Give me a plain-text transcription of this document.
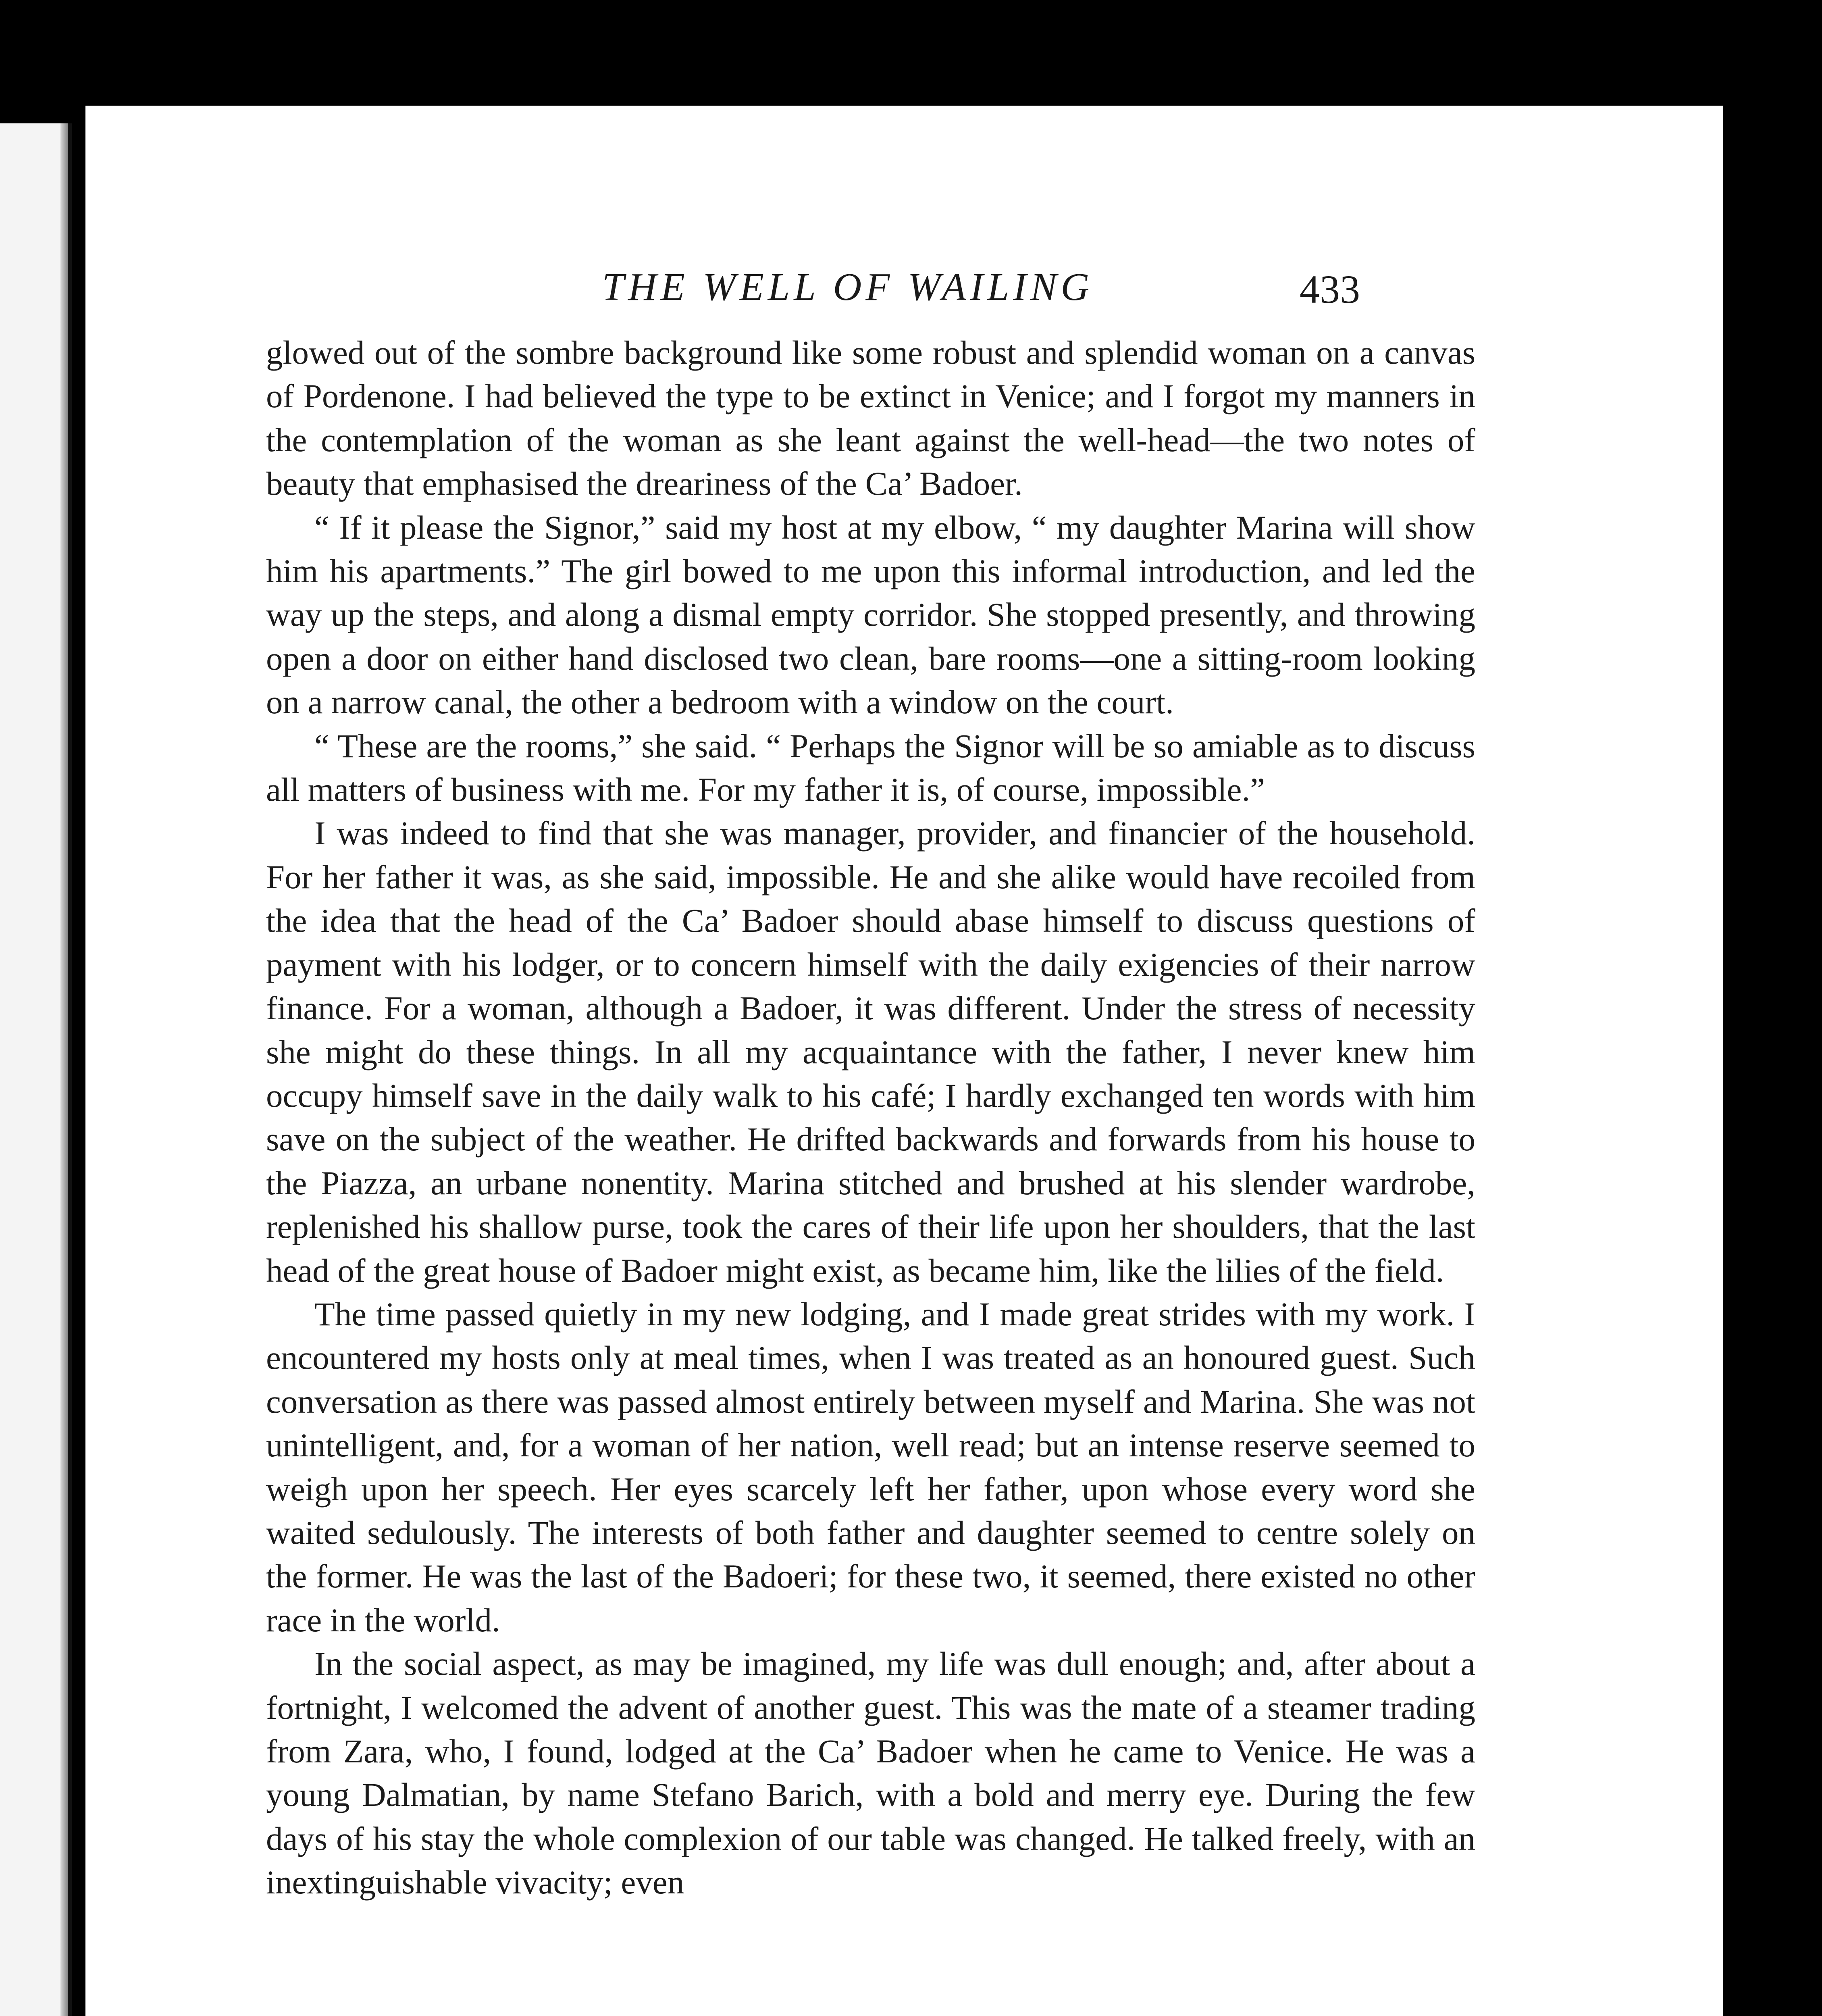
THE WELL OF WAILING	433

glowed out of the sombre background like some robust and splendid woman on a canvas of Pordenone. I had believed the type to be extinct in Venice; and I forgot my manners in the contemplation of the woman as she leant against the well-head—the two notes of beauty that emphasised the dreariness of the Ca’ Badoer.

“ If it please the Signor,” said my host at my elbow, “ my daughter Marina will show him his apartments.” The girl bowed to me upon this informal introduction, and led the way up the steps, and along a dismal empty corridor. She stopped presently, and throwing open a door on either hand disclosed two clean, bare rooms—one a sitting-room looking on a narrow canal, the other a bedroom with a window on the court.

“ These are the rooms,” she said. “ Perhaps the Signor will be so amiable as to discuss all matters of business with me. For my father it is, of course, impossible.”

I was indeed to find that she was manager, provider, and financier of the household. For her father it was, as she said, impossible. He and she alike would have recoiled from the idea that the head of the Ca’ Badoer should abase himself to discuss questions of payment with his lodger, or to concern himself with the daily exigencies of their narrow finance. For a woman, although a Badoer, it was different. Under the stress of necessity she might do these things. In all my acquaintance with the father, I never knew him occupy himself save in the daily walk to his café; I hardly exchanged ten words with him save on the subject of the weather. He drifted backwards and forwards from his house to the Piazza, an urbane nonentity. Marina stitched and brushed at his slender wardrobe, replenished his shallow purse, took the cares of their life upon her shoulders, that the last head of the great house of Badoer might exist, as became him, like the lilies of the field.

The time passed quietly in my new lodging, and I made great strides with my work. I encountered my hosts only at meal times, when I was treated as an honoured guest. Such conversation as there was passed almost entirely between myself and Marina. She was not unintelligent, and, for a woman of her nation, well read; but an intense reserve seemed to weigh upon her speech. Her eyes scarcely left her father, upon whose every word she waited sedulously. The interests of both father and daughter seemed to centre solely on the former. He was the last of the Badoeri; for these two, it seemed, there existed no other race in the world.

In the social aspect, as may be imagined, my life was dull enough; and, after about a fortnight, I welcomed the advent of another guest. This was the mate of a steamer trading from Zara, who, I found, lodged at the Ca’ Badoer when he came to Venice. He was a young Dalmatian, by name Stefano Barich, with a bold and merry eye. During the few days of his stay the whole complexion of our table was changed. He talked freely, with an inextinguishable vivacity; even
